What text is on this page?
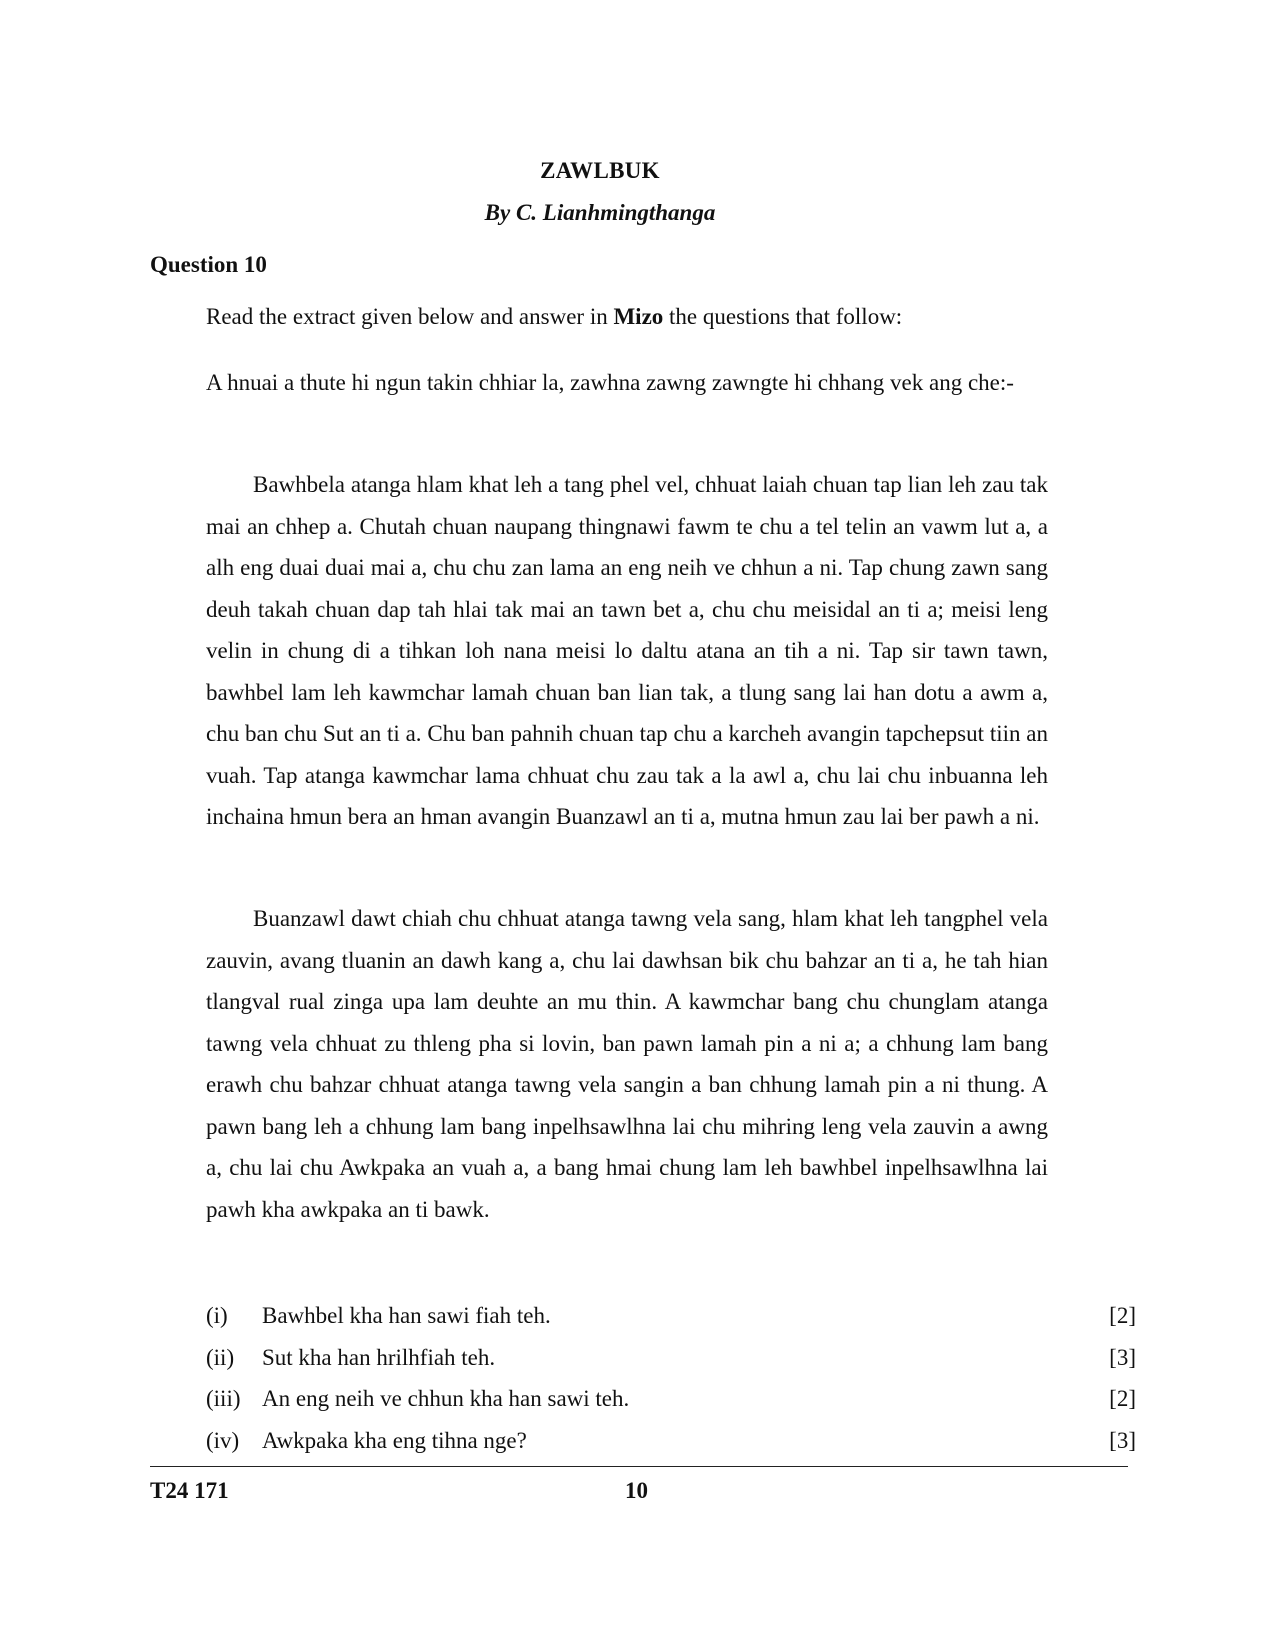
ZAWLBUK
By C. Lianhmingthanga
Question 10
Read the extract given below and answer in Mizo the questions that follow:
A hnuai a thute hi ngun takin chhiar la, zawhna zawng zawngte hi chhang vek ang che:-
Bawhbela atanga hlam khat leh a tang phel vel, chhuat laiah chuan tap lian leh zau tak mai an chhep a. Chutah chuan naupang thingnawi fawm te chu a tel telin an vawm lut a, a alh eng duai duai mai a, chu chu zan lama an eng neih ve chhun a ni. Tap chung zawn sang deuh takah chuan dap tah hlai tak mai an tawn bet a, chu chu meisidal an ti a; meisi leng velin in chung di a tihkan loh nana meisi lo daltu atana an tih a ni. Tap sir tawn tawn, bawhbel lam leh kawmchar lamah chuan ban lian tak, a tlung sang lai han dotu a awm a, chu ban chu Sut an ti a. Chu ban pahnih chuan tap chu a karcheh avangin tapchepsut tiin an vuah. Tap atanga kawmchar lama chhuat chu zau tak a la awl a, chu lai chu inbuanna leh inchaina hmun bera an hman avangin Buanzawl an ti a, mutna hmun zau lai ber pawh a ni.
Buanzawl dawt chiah chu chhuat atanga tawng vela sang, hlam khat leh tangphel vela zauvin, avang tluanin an dawh kang a, chu lai dawhsan bik chu bahzar an ti a, he tah hian tlangval rual zinga upa lam deuhte an mu thin. A kawmchar bang chu chunglam atanga tawng vela chhuat zu thleng pha si lovin, ban pawn lamah pin a ni a; a chhung lam bang erawh chu bahzar chhuat atanga tawng vela sangin a ban chhung lamah pin a ni thung. A pawn bang leh a chhung lam bang inpelhsawlhna lai chu mihring leng vela zauvin a awng a, chu lai chu Awkpaka an vuah a, a bang hmai chung lam leh bawhbel inpelhsawlhna lai pawh kha awkpaka an ti bawk.
(i) Bawhbel kha han sawi fiah teh.	[2]
(ii) Sut kha han hrilhfiah teh.	[3]
(iii) An eng neih ve chhun kha han sawi teh.	[2]
(iv) Awkpaka kha eng tihna nge?	[3]
T24 171	10
